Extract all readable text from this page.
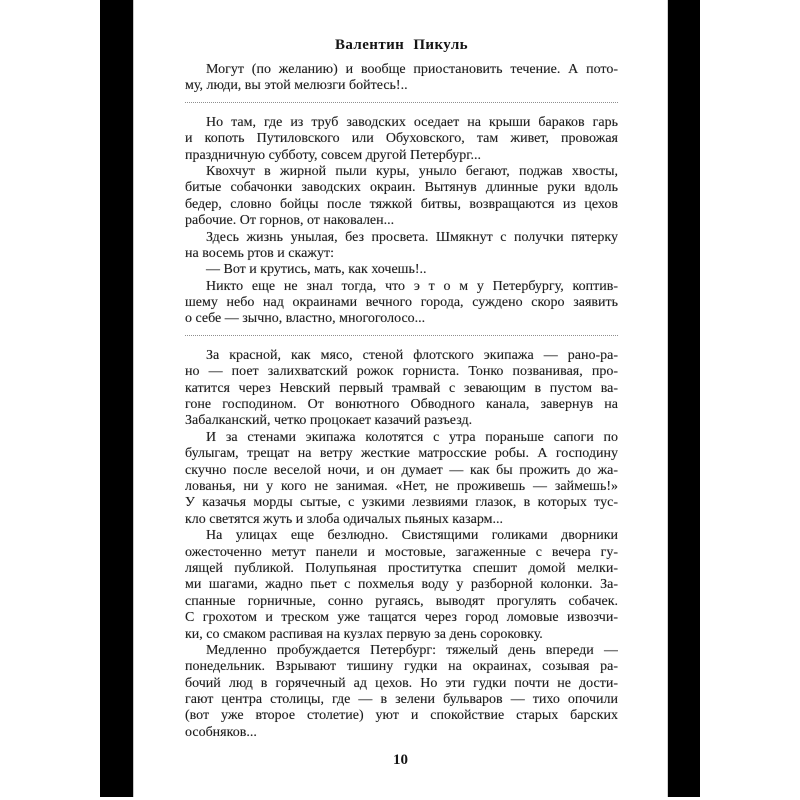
Валентин Пикуль

Могут (по желанию) и вообще приостановить течение. А пото-
му, люди, вы этой мелюзги бойтесь!..

Но там, где из труб заводских оседает на крыши бараков гарь
и копоть Путиловского или Обуховского, там живет, провожая
праздничную субботу, совсем другой Петербург...

Квохчут в жирной пыли куры, уныло бегают, поджав хвосты,
битые собачонки заводских окраин. Вытянув длинные руки вдоль
бедер, словно бойцы после тяжкой битвы, возвращаются из цехов
рабочие. От горнов, от наковален...

Здесь жизнь унылая, без просвета. Шмякнут с получки пятерку
на восемь ртов и скажут:

— Вот и крутись, мать, как хочешь!..

Никто еще не знал тогда, что э т о м у Петербургу, коптив-
шему небо над окраинами вечного города, суждено скоро заявить
о себе — зычно, властно, многоголосо...

За красной, как мясо, стеной флотского экипажа — рано-ра-
но — поет залихватский рожок горниста. Тонко позванивая, про-
катится через Невский первый трамвай с зевающим в пустом ва-
гоне господином. От вонютного Обводного канала, завернув на
Забалканский, четко процокает казачий разъезд.

И за стенами экипажа колотятся с утра пораньше сапоги по
булыгам, трещат на ветру жесткие матросские робы. А господину
скучно после веселой ночи, и он думает — как бы прожить до жа-
лованья, ни у кого не занимая. «Нет, не проживешь — займешь!»
У казачья морды сытые, с узкими лезвиями глазок, в которых тус-
кло светятся жуть и злоба одичалых пьяных казарм...

На улицах еще безлюдно. Свистящими голиками дворники
ожесточенно метут панели и мостовые, загаженные с вечера гу-
лящей публикой. Полупьяная проститутка спешит домой мелки-
ми шагами, жадно пьет с похмелья воду у разборной колонки. За-
спанные горничные, сонно ругаясь, выводят прогулять собачек.
С грохотом и треском уже тащатся через город ломовые извозчи-
ки, со смаком распивая на кузлах первую за день сороковку.

Медленно пробуждается Петербург: тяжелый день впереди —
понедельник. Взрывают тишину гудки на окраинах, созывая ра-
бочий люд в горячечный ад цехов. Но эти гудки почти не дости-
гают центра столицы, где — в зелени бульваров — тихо опочили
(вот уже второе столетие) уют и спокойствие старых барских
особняков...

10
